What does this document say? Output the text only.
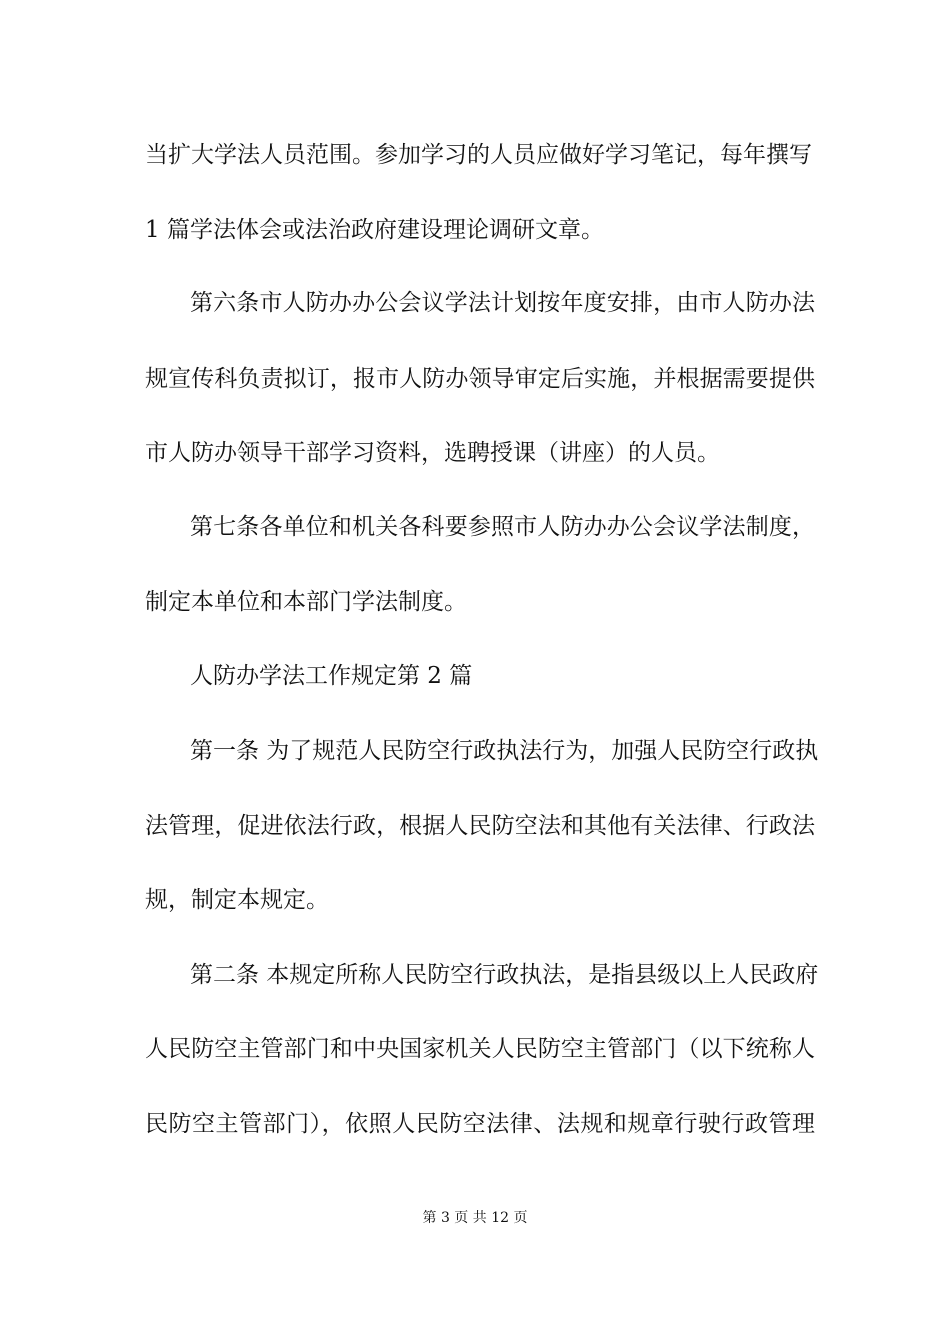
当扩大学法人员范围。参加学习的人员应做好学习笔记，每年撰写
1 篇学法体会或法治政府建设理论调研文章。
第六条市人防办办公会议学法计划按年度安排，由市人防办法
规宣传科负责拟订，报市人防办领导审定后实施，并根据需要提供
市人防办领导干部学习资料，选聘授课（讲座）的人员。
第七条各单位和机关各科要参照市人防办办公会议学法制度，
制定本单位和本部门学法制度。
人防办学法工作规定第 2 篇
第一条 为了规范人民防空行政执法行为，加强人民防空行政执
法管理，促进依法行政，根据人民防空法和其他有关法律、行政法
规，制定本规定。
第二条 本规定所称人民防空行政执法，是指县级以上人民政府
人民防空主管部门和中央国家机关人民防空主管部门（以下统称人
民防空主管部门），依照人民防空法律、法规和规章行驶行政管理
第 3 页 共 12 页
